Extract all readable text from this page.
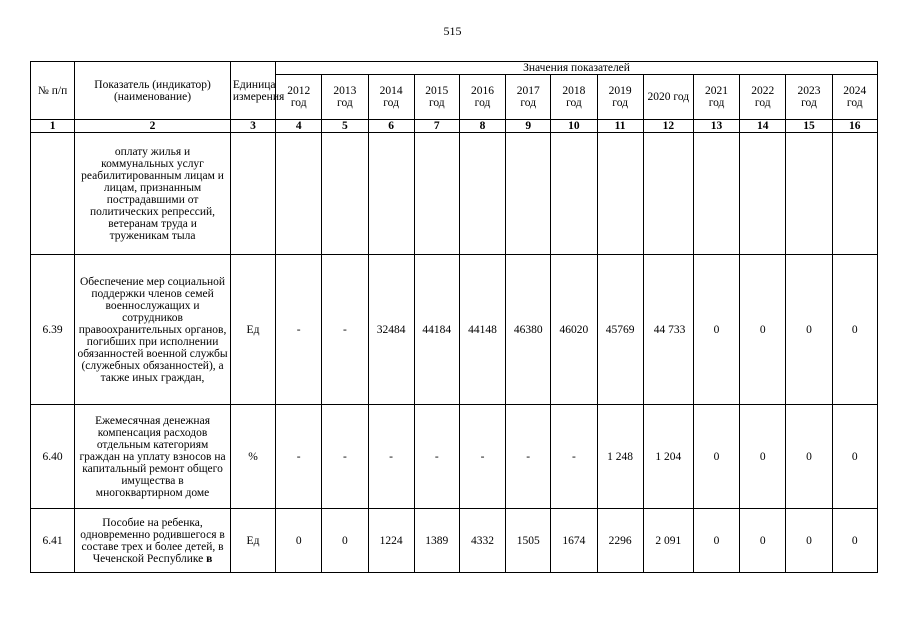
515
№ п/п	Показатель (индикатор) (наименование)	Единица измерения	Значения показателей												
			2012 год	2013 год	2014 год	2015 год	2016 год	2017 год	2018 год	2019 год	2020 год	2021 год	2022 год	2023 год	2024 год
1	2	3	4	5	6	7	8	9	10	11	12	13	14	15	16
	оплату жилья и коммунальных услуг реабилитированным лицам и лицам, признанным пострадавшими от политических репрессий, ветеранам труда и труженикам тыла														
6.39	Обеспечение мер социальной поддержки членов семей военнослужащих и сотрудников правоохранительных органов, погибших при исполнении обязанностей военной службы (служебных обязанностей), а также иных граждан,	Ед	-	-	32484	44184	44148	46380	46020	45769	44 733	0	0	0	0
6.40	Ежемесячная денежная компенсация расходов отдельным категориям граждан на уплату взносов на капитальный ремонт общего имущества в многоквартирном доме	%	-	-	-	-	-	-	-	1 248	1 204	0	0	0	0
6.41	Пособие на ребенка, одновременно родившегося в составе трех и более детей, в Чеченской Республике в	Ед	0	0	1224	1389	4332	1505	1674	2296	2 091	0	0	0	0
